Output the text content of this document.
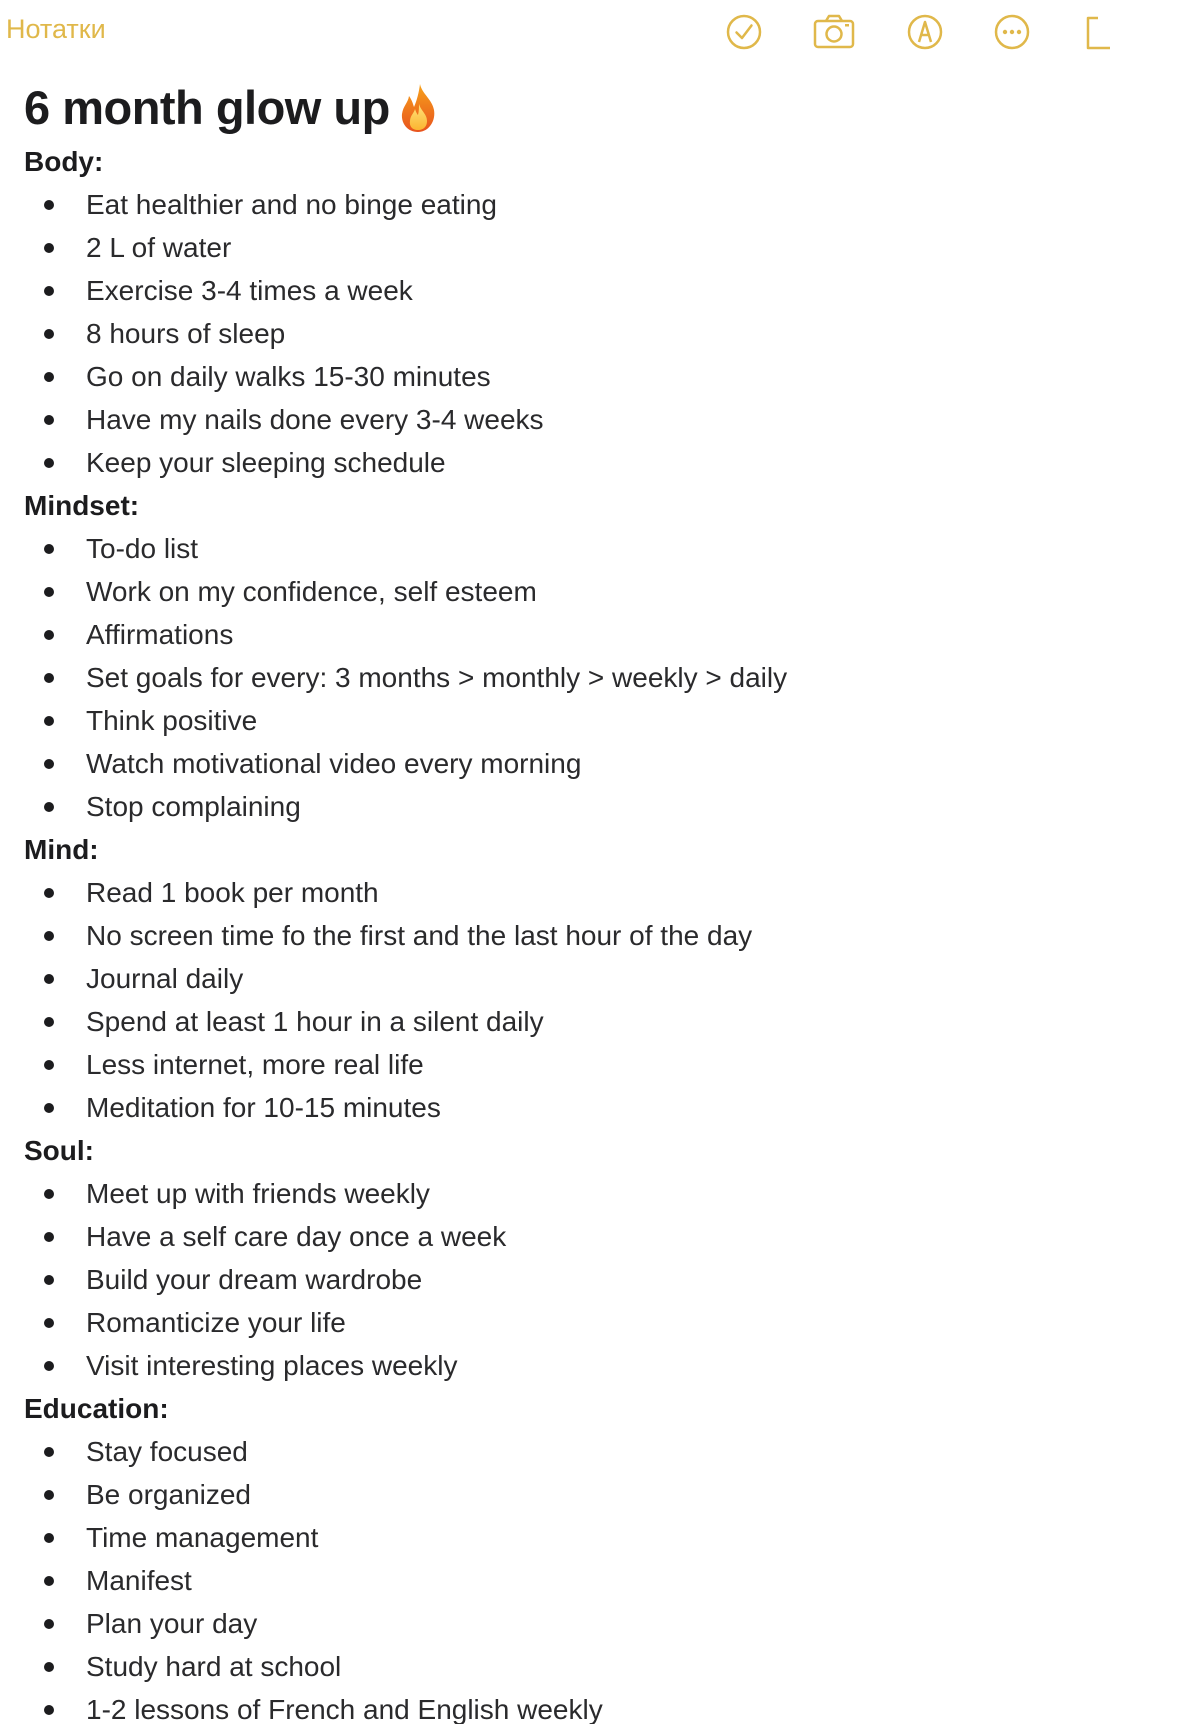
Нотатки
6 month glow up
Body:
Eat healthier and no binge eating
2 L of water
Exercise 3-4 times a week
8 hours of sleep
Go on daily walks 15-30 minutes
Have my nails done every 3-4 weeks
Keep your sleeping schedule
Mindset:
To-do list
Work on my confidence, self esteem
Affirmations
Set goals for every: 3 months > monthly > weekly > daily
Think positive
Watch motivational video every morning
Stop complaining
Mind:
Read 1 book per month
No screen time fo the first and the last hour of the day
Journal daily
Spend at least 1 hour in a silent daily
Less internet, more real life
Meditation for 10-15 minutes
Soul:
Meet up with friends weekly
Have a self care day once a week
Build your dream wardrobe
Romanticize your life
Visit interesting places weekly
Education:
Stay focused
Be organized
Time management
Manifest
Plan your day
Study hard at school
1-2 lessons of French and English weekly
